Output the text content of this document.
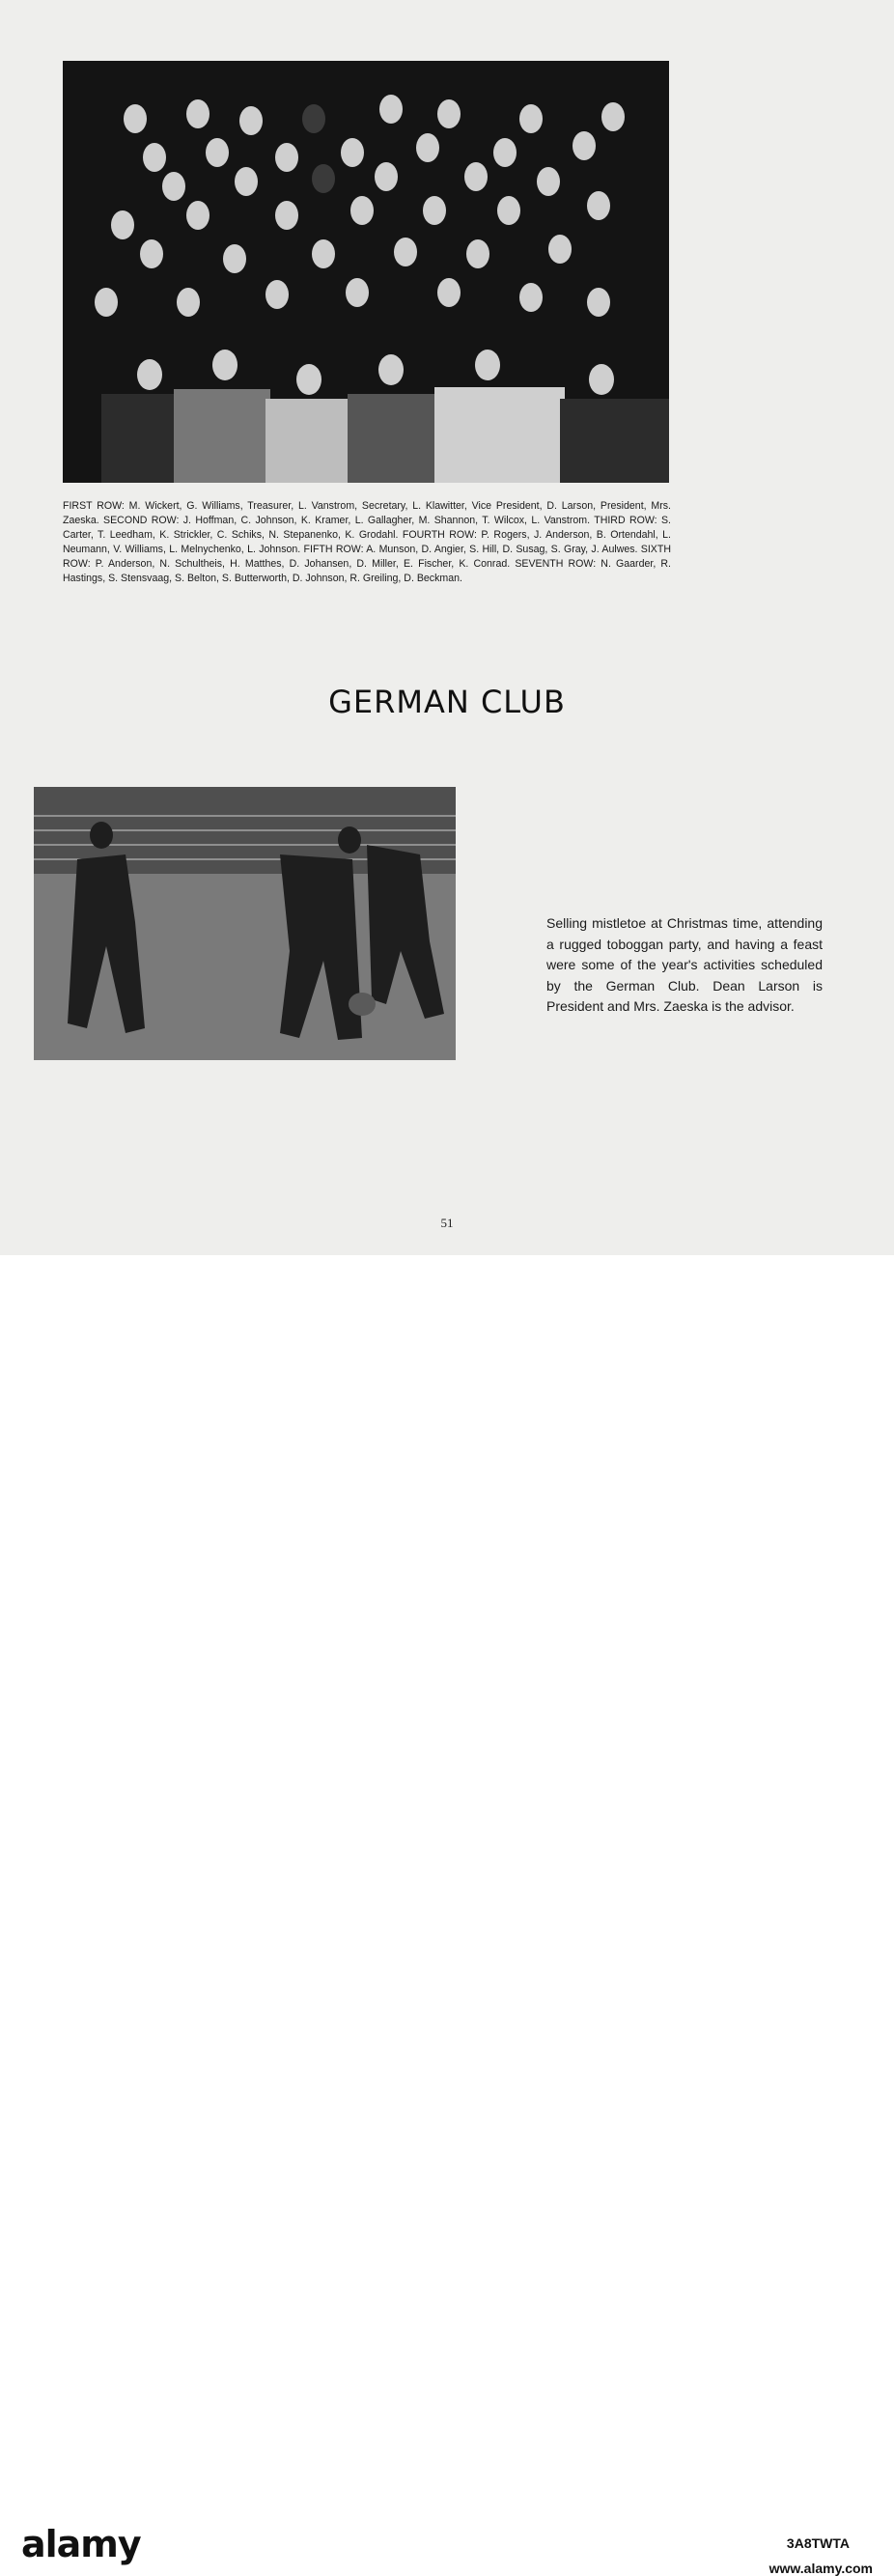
FIRST ROW: M. Wickert, G. Williams, Treasurer, L. Vanstrom, Secretary, L. Klawitter, Vice President, D. Larson, President, Mrs. Zaeska. SECOND ROW: J. Hoffman, C. Johnson, K. Kramer, L. Gallagher, M. Shannon, T. Wilcox, L. Vanstrom. THIRD ROW: S. Carter, T. Leedham, K. Strickler, C. Schiks, N. Stepanenko, K. Grodahl. FOURTH ROW: P. Rogers, J. Anderson, B. Ortendahl, L. Neumann, V. Williams, L. Melnychenko, L. Johnson. FIFTH ROW: A. Munson, D. Angier, S. Hill, D. Susag, S. Gray, J. Aulwes. SIXTH ROW: P. Anderson, N. Schultheis, H. Matthes, D. Johansen, D. Miller, E. Fischer, K. Conrad. SEVENTH ROW: N. Gaarder, R. Hastings, S. Stensvaag, S. Belton, S. Butterworth, D. Johnson, R. Greiling, D. Beckman.

GERMAN CLUB

Selling mistletoe at Christmas time, attending a rugged toboggan party, and having a feast were some of the year's activities scheduled by the German Club. Dean Larson is President and Mrs. Zaeska is the advisor.

51
alamy	3A8TWTA
www.alamy.com
